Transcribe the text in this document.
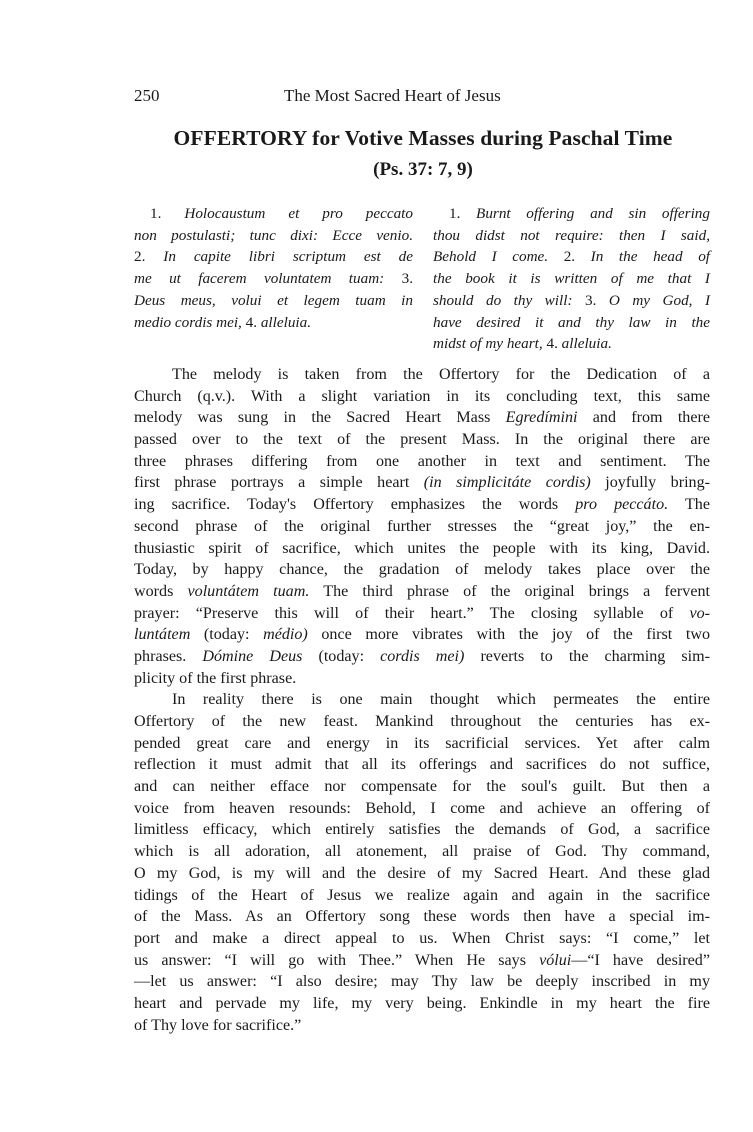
250	The Most Sacred Heart of Jesus
OFFERTORY for Votive Masses during Paschal Time
(Ps. 37: 7, 9)
1. Holocaustum et pro peccato
non postulasti; tunc dixi: Ecce venio.
2. In capite libri scriptum est de
me ut facerem voluntatem tuam: 3.
Deus meus, volui et legem tuam in
medio cordis mei, 4. alleluia.
1. Burnt offering and sin offering
thou didst not require: then I said,
Behold I come. 2. In the head of
the book it is written of me that I
should do thy will: 3. O my God, I
have desired it and thy law in the
midst of my heart, 4. alleluia.
The melody is taken from the Offertory for the Dedication of a
Church (q.v.). With a slight variation in its concluding text, this same
melody was sung in the Sacred Heart Mass Egredímini and from there
passed over to the text of the present Mass. In the original there are
three phrases differing from one another in text and sentiment. The
first phrase portrays a simple heart (in simplicitáte cordis) joyfully bring-
ing sacrifice. Today's Offertory emphasizes the words pro peccáto. The
second phrase of the original further stresses the “great joy,” the en-
thusiastic spirit of sacrifice, which unites the people with its king, David.
Today, by happy chance, the gradation of melody takes place over the
words voluntátem tuam. The third phrase of the original brings a fervent
prayer: “Preserve this will of their heart.” The closing syllable of vo-
luntátem (today: médio) once more vibrates with the joy of the first two
phrases. Dómine Deus (today: cordis mei) reverts to the charming sim-
plicity of the first phrase.
In reality there is one main thought which permeates the entire
Offertory of the new feast. Mankind throughout the centuries has ex-
pended great care and energy in its sacrificial services. Yet after calm
reflection it must admit that all its offerings and sacrifices do not suffice,
and can neither efface nor compensate for the soul's guilt. But then a
voice from heaven resounds: Behold, I come and achieve an offering of
limitless efficacy, which entirely satisfies the demands of God, a sacrifice
which is all adoration, all atonement, all praise of God. Thy command,
O my God, is my will and the desire of my Sacred Heart. And these glad
tidings of the Heart of Jesus we realize again and again in the sacrifice
of the Mass. As an Offertory song these words then have a special im-
port and make a direct appeal to us. When Christ says: “I come,” let
us answer: “I will go with Thee.” When He says vólui—“I have desired”
—let us answer: “I also desire; may Thy law be deeply inscribed in my
heart and pervade my life, my very being. Enkindle in my heart the fire
of Thy love for sacrifice.”
